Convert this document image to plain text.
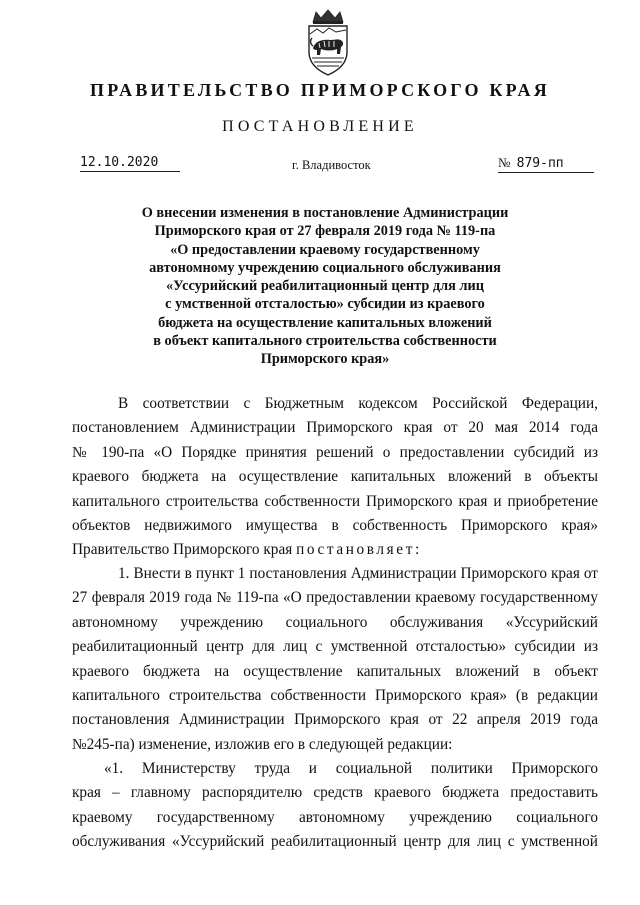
ПРАВИТЕЛЬСТВО ПРИМОРСКОГО КРАЯ
ПОСТАНОВЛЕНИЕ
12.10.2020	г. Владивосток	№ 879-пп
О внесении изменения в постановление Администрации
Приморского края от 27 февраля 2019 года № 119-па
«О предоставлении краевому государственному
автономному учреждению социального обслуживания
«Уссурийский реабилитационный центр для лиц
с умственной отсталостью» субсидии из краевого
бюджета на осуществление капитальных вложений
в объект капитального строительства собственности
Приморского края»
В соответствии с Бюджетным кодексом Российской Федерации,
постановлением Администрации Приморского края от 20 мая 2014 года
№ 190-па «О Порядке принятия решений о предоставлении субсидий из
краевого бюджета на осуществление капитальных вложений в объекты
капитального строительства собственности Приморского края и приобретение
объектов недвижимого имущества в собственность Приморского края»
Правительство Приморского края постановляет:
1. Внести в пункт 1 постановления Администрации Приморского края от
27 февраля 2019 года № 119-па «О предоставлении краевому государственному
автономному учреждению социального обслуживания «Уссурийский
реабилитационный центр для лиц с умственной отсталостью» субсидии из
краевого бюджета на осуществление капитальных вложений в объект
капитального строительства собственности Приморского края» (в редакции
постановления Администрации Приморского края от 22 апреля 2019 года
№245-па) изменение, изложив его в следующей редакции:
«1. Министерству труда и социальной политики Приморского
края – главному распорядителю средств краевого бюджета предоставить
краевому государственному автономному учреждению социального
обслуживания «Уссурийский реабилитационный центр для лиц с умственной
